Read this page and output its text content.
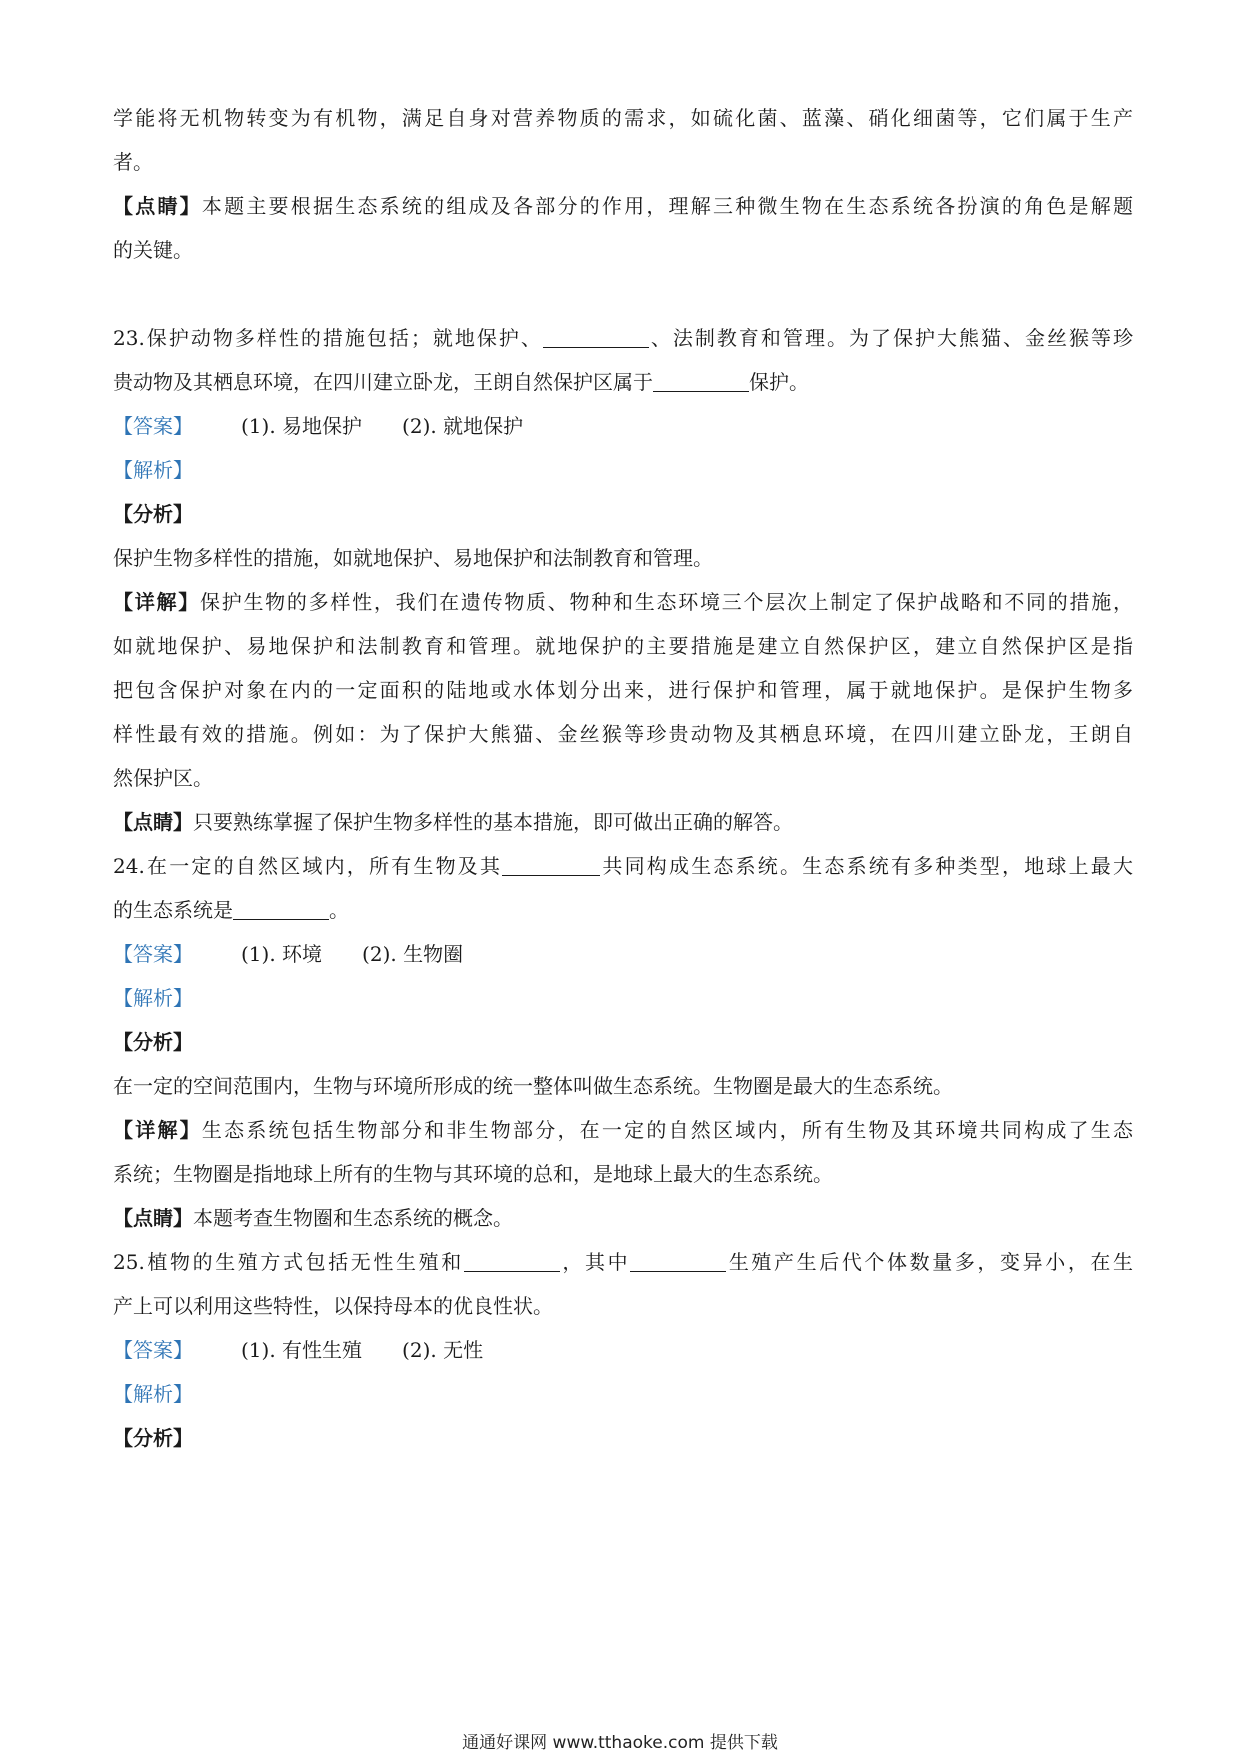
学能将无机物转变为有机物，满足自身对营养物质的需求，如硫化菌、蓝藻、硝化细菌等，它们属于生产
者。
【点睛】本题主要根据生态系统的组成及各部分的作用，理解三种微生物在生态系统各扮演的角色是解题
的关键。
23.保护动物多样性的措施包括；就地保护、	、法制教育和管理。为了保护大熊猫、金丝猴等珍
贵动物及其栖息环境，在四川建立卧龙，王朗自然保护区属于	保护。
【答案】 (1). 易地保护 (2). 就地保护
【解析】
【分析】
保护生物多样性的措施，如就地保护、易地保护和法制教育和管理。
【详解】保护生物的多样性，我们在遗传物质、物种和生态环境三个层次上制定了保护战略和不同的措施，
如就地保护、易地保护和法制教育和管理。就地保护的主要措施是建立自然保护区，建立自然保护区是指
把包含保护对象在内的一定面积的陆地或水体划分出来，进行保护和管理，属于就地保护。是保护生物多
样性最有效的措施。例如：为了保护大熊猫、金丝猴等珍贵动物及其栖息环境，在四川建立卧龙，王朗自
然保护区。
【点睛】只要熟练掌握了保护生物多样性的基本措施，即可做出正确的解答。
24.在一定的自然区域内，所有生物及其	共同构成生态系统。生态系统有多种类型，地球上最大
的生态系统是	。
【答案】 (1). 环境 (2). 生物圈
【解析】
【分析】
在一定的空间范围内，生物与环境所形成的统一整体叫做生态系统。生物圈是最大的生态系统。
【详解】生态系统包括生物部分和非生物部分，在一定的自然区域内，所有生物及其环境共同构成了生态
系统；生物圈是指地球上所有的生物与其环境的总和，是地球上最大的生态系统。
【点睛】本题考查生物圈和生态系统的概念。
25.植物的生殖方式包括无性生殖和	，其中	生殖产生后代个体数量多，变异小，在生
产上可以利用这些特性，以保持母本的优良性状。
【答案】 (1). 有性生殖 (2). 无性
【解析】
【分析】
通通好课网 www.tthaoke.com 提供下载
